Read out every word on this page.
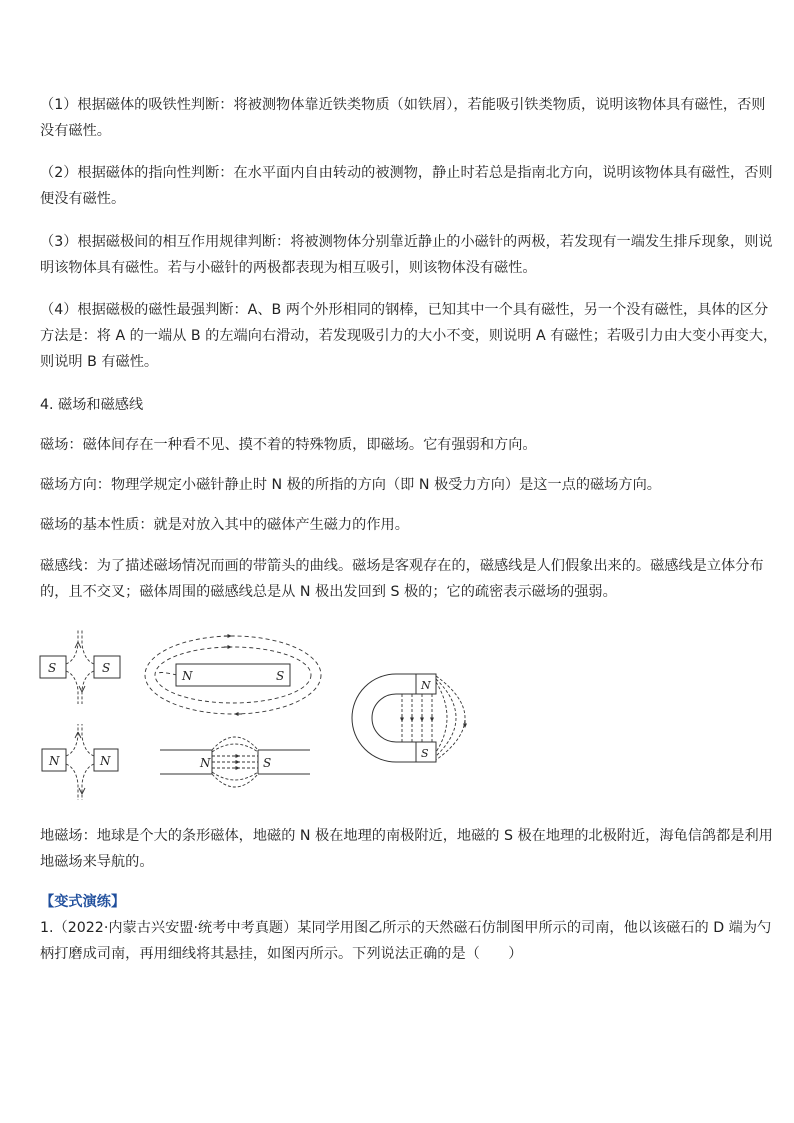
（1）根据磁体的吸铁性判断：将被测物体靠近铁类物质（如铁屑），若能吸引铁类物质，说明该物体具有磁性，否则
没有磁性。
（2）根据磁体的指向性判断：在水平面内自由转动的被测物，静止时若总是指南北方向，说明该物体具有磁性，否则
便没有磁性。
（3）根据磁极间的相互作用规律判断：将被测物体分别靠近静止的小磁针的两极，若发现有一端发生排斥现象，则说
明该物体具有磁性。若与小磁针的两极都表现为相互吸引，则该物体没有磁性。
（4）根据磁极的磁性最强判断：A、B 两个外形相同的钢棒，已知其中一个具有磁性，另一个没有磁性，具体的区分
方法是：将 A 的一端从 B 的左端向右滑动，若发现吸引力的大小不变，则说明 A 有磁性；若吸引力由大变小再变大，
则说明 B 有磁性。
4. 磁场和磁感线
磁场：磁体间存在一种看不见、摸不着的特殊物质，即磁场。它有强弱和方向。
磁场方向：物理学规定小磁针静止时 N 极的所指的方向（即 N 极受力方向）是这一点的磁场方向。
磁场的基本性质：就是对放入其中的磁体产生磁力的作用。
磁感线：为了描述磁场情况而画的带箭头的曲线。磁场是客观存在的，磁感线是人们假象出来的。磁感线是立体分布
的，且不交叉；磁体周围的磁感线总是从 N 极出发回到 S 极的；它的疏密表示磁场的强弱。
S	S
N	N
N	S
N	S
N
S
地磁场：地球是个大的条形磁体，地磁的 N 极在地理的南极附近，地磁的 S 极在地理的北极附近，海龟信鸽都是利用
地磁场来导航的。
【变式演练】
1.（2022·内蒙古兴安盟·统考中考真题）某同学用图乙所示的天然磁石仿制图甲所示的司南，他以该磁石的 D 端为勺
柄打磨成司南，再用细线将其悬挂，如图丙所示。下列说法正确的是（　　）
